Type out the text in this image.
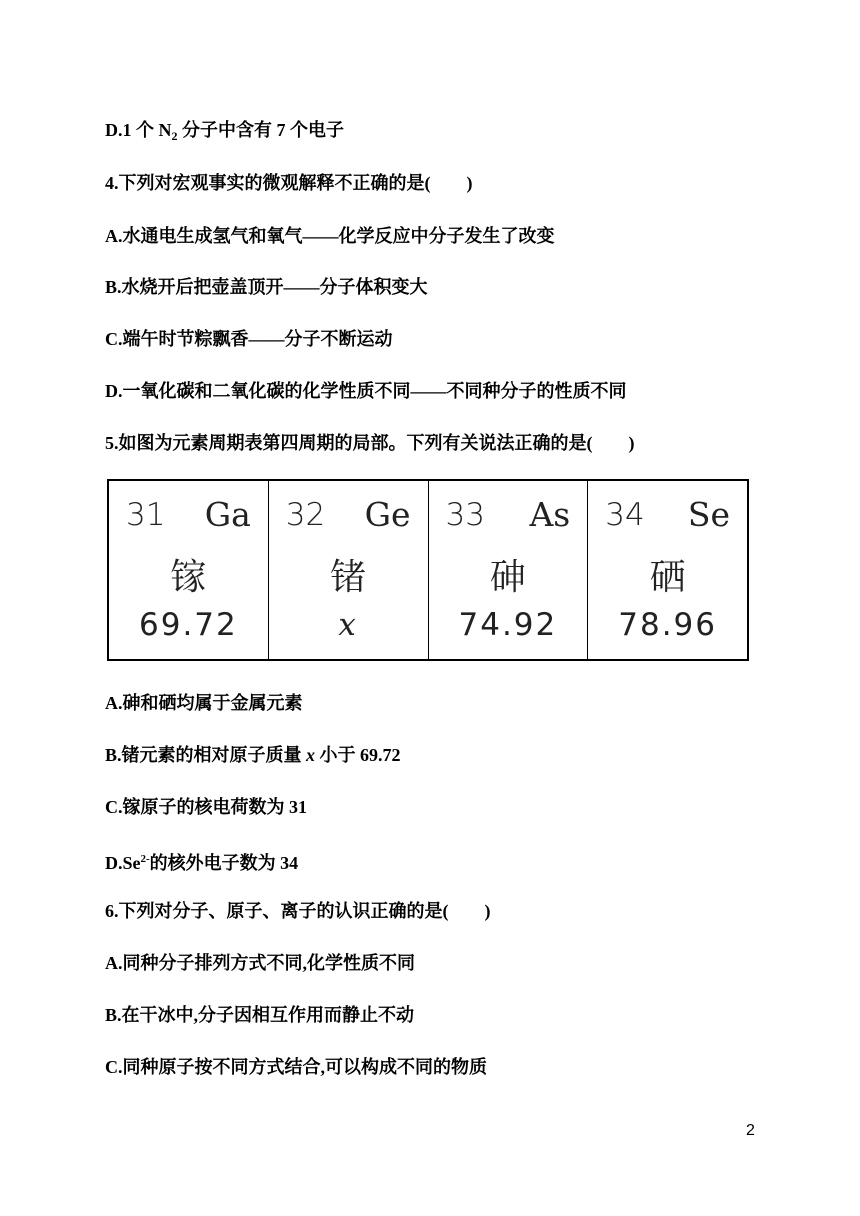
D.1 个 $N_2$ 分子中含有 7 个电子
4.下列对宏观事实的微观解释不正确的是(　　)
A.水通电生成氢气和氧气——化学反应中分子发生了改变
B.水烧开后把壶盖顶开——分子体积变大
C.端午时节粽飘香——分子不断运动
D.一氧化碳和二氧化碳的化学性质不同——不同种分子的性质不同
5.如图为元素周期表第四周期的局部。下列有关说法正确的是(　　)
31 Ga
镓
69.72
32 Ge
锗
x
33 As
砷
74.92
34 Se
硒
78.96
A.砷和硒均属于金属元素
B.锗元素的相对原子质量 x 小于 69.72
C.镓原子的核电荷数为 31
$D.Se^{2-}$的核外电子数为 34
6.下列对分子、原子、离子的认识正确的是(　　)
A.同种分子排列方式不同,化学性质不同
B.在干冰中,分子因相互作用而静止不动
C.同种原子按不同方式结合,可以构成不同的物质
2
